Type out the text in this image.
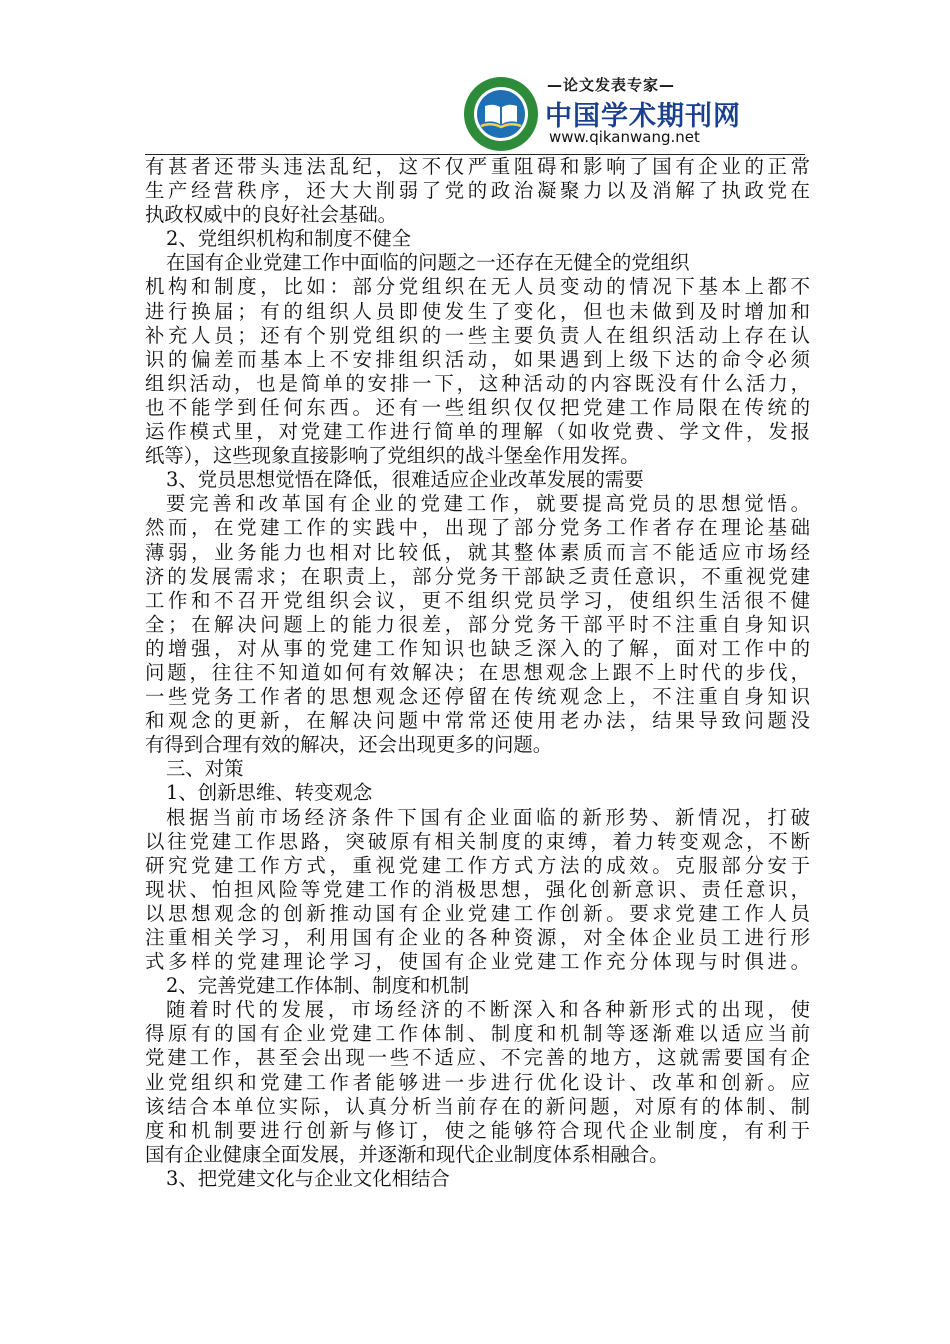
—论文发表专家—
中国学术期刊网
www.qikanwang.net
有甚者还带头违法乱纪，这不仅严重阻碍和影响了国有企业的正常
生产经营秩序，还大大削弱了党的政治凝聚力以及消解了执政党在
执政权威中的良好社会基础。
2、党组织机构和制度不健全
在国有企业党建工作中面临的问题之一还存在无健全的党组织
机构和制度，比如：部分党组织在无人员变动的情况下基本上都不
进行换届；有的组织人员即使发生了变化，但也未做到及时增加和
补充人员；还有个别党组织的一些主要负责人在组织活动上存在认
识的偏差而基本上不安排组织活动，如果遇到上级下达的命令必须
组织活动，也是简单的安排一下，这种活动的内容既没有什么活力，
也不能学到任何东西。还有一些组织仅仅把党建工作局限在传统的
运作模式里，对党建工作进行简单的理解（如收党费、学文件，发报
纸等），这些现象直接影响了党组织的战斗堡垒作用发挥。
3、党员思想觉悟在降低，很难适应企业改革发展的需要
要完善和改革国有企业的党建工作，就要提高党员的思想觉悟。
然而，在党建工作的实践中，出现了部分党务工作者存在理论基础
薄弱，业务能力也相对比较低，就其整体素质而言不能适应市场经
济的发展需求；在职责上，部分党务干部缺乏责任意识，不重视党建
工作和不召开党组织会议，更不组织党员学习，使组织生活很不健
全；在解决问题上的能力很差，部分党务干部平时不注重自身知识
的增强，对从事的党建工作知识也缺乏深入的了解，面对工作中的
问题，往往不知道如何有效解决；在思想观念上跟不上时代的步伐，
一些党务工作者的思想观念还停留在传统观念上，不注重自身知识
和观念的更新，在解决问题中常常还使用老办法，结果导致问题没
有得到合理有效的解决，还会出现更多的问题。
三、对策
1、创新思维、转变观念
根据当前市场经济条件下国有企业面临的新形势、新情况，打破
以往党建工作思路，突破原有相关制度的束缚，着力转变观念，不断
研究党建工作方式，重视党建工作方式方法的成效。克服部分安于
现状、怕担风险等党建工作的消极思想，强化创新意识、责任意识，
以思想观念的创新推动国有企业党建工作创新。要求党建工作人员
注重相关学习，利用国有企业的各种资源，对全体企业员工进行形
式多样的党建理论学习，使国有企业党建工作充分体现与时俱进。
2、完善党建工作体制、制度和机制
随着时代的发展，市场经济的不断深入和各种新形式的出现，使
得原有的国有企业党建工作体制、制度和机制等逐渐难以适应当前
党建工作，甚至会出现一些不适应、不完善的地方，这就需要国有企
业党组织和党建工作者能够进一步进行优化设计、改革和创新。应
该结合本单位实际，认真分析当前存在的新问题，对原有的体制、制
度和机制要进行创新与修订，使之能够符合现代企业制度，有利于
国有企业健康全面发展，并逐渐和现代企业制度体系相融合。
3、把党建文化与企业文化相结合
